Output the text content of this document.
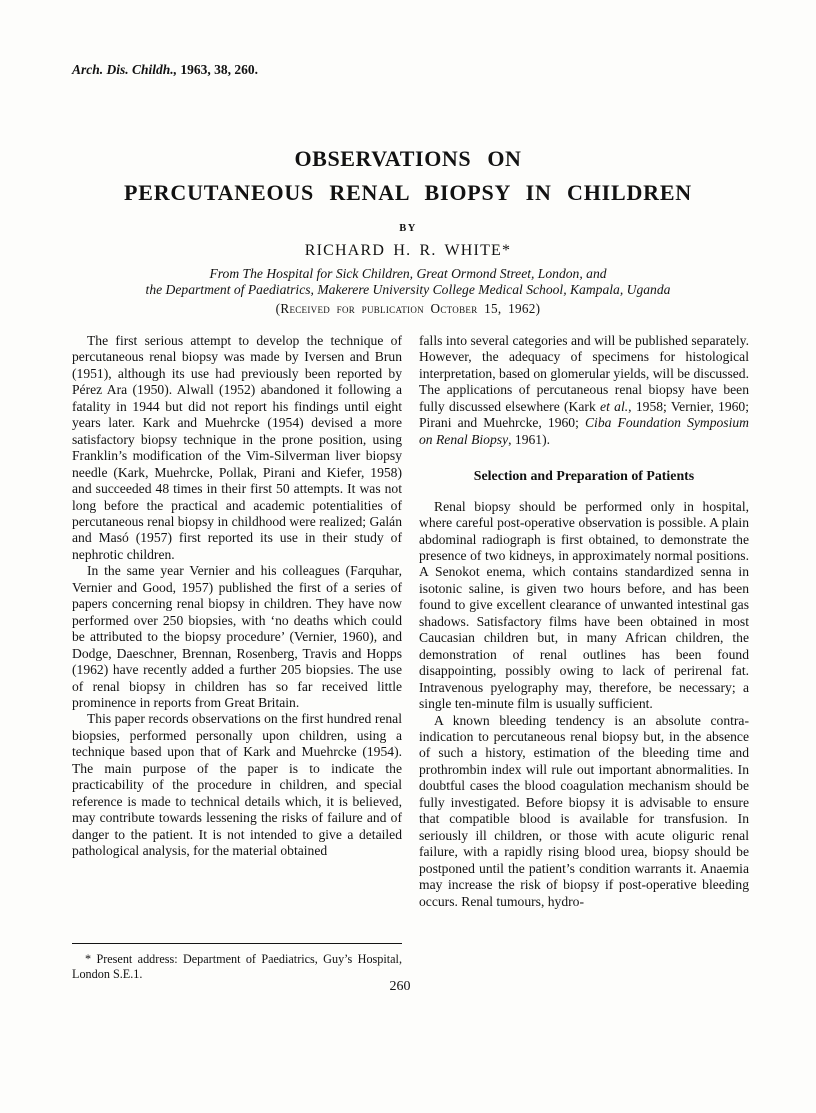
Arch. Dis. Childh., 1963, 38, 260.
OBSERVATIONS ON
PERCUTANEOUS RENAL BIOPSY IN CHILDREN
BY
RICHARD H. R. WHITE*
From The Hospital for Sick Children, Great Ormond Street, London, and
the Department of Paediatrics, Makerere University College Medical School, Kampala, Uganda
(Received for publication October 15, 1962)

The first serious attempt to develop the technique of percutaneous renal biopsy was made by Iversen and Brun (1951), although its use had previously been reported by Pérez Ara (1950). Alwall (1952) abandoned it following a fatality in 1944 but did not report his findings until eight years later. Kark and Muehrcke (1954) devised a more satisfactory biopsy technique in the prone position, using Franklin’s modification of the Vim-Silverman liver biopsy needle (Kark, Muehrcke, Pollak, Pirani and Kiefer, 1958) and succeeded 48 times in their first 50 attempts. It was not long before the practical and academic potentialities of percutaneous renal biopsy in childhood were realized; Galán and Masó (1957) first reported its use in their study of nephrotic children.

In the same year Vernier and his colleagues (Farquhar, Vernier and Good, 1957) published the first of a series of papers concerning renal biopsy in children. They have now performed over 250 biopsies, with ‘no deaths which could be attributed to the biopsy procedure’ (Vernier, 1960), and Dodge, Daeschner, Brennan, Rosenberg, Travis and Hopps (1962) have recently added a further 205 biopsies. The use of renal biopsy in children has so far received little prominence in reports from Great Britain.

This paper records observations on the first hundred renal biopsies, performed personally upon children, using a technique based upon that of Kark and Muehrcke (1954). The main purpose of the paper is to indicate the practicability of the procedure in children, and special reference is made to technical details which, it is believed, may contribute towards lessening the risks of failure and of danger to the patient. It is not intended to give a detailed pathological analysis, for the material obtained

* Present address: Department of Paediatrics, Guy’s Hospital, London S.E.1.

falls into several categories and will be published separately. However, the adequacy of specimens for histological interpretation, based on glomerular yields, will be discussed. The applications of percutaneous renal biopsy have been fully discussed elsewhere (Kark et al., 1958; Vernier, 1960; Pirani and Muehrcke, 1960; Ciba Foundation Symposium on Renal Biopsy, 1961).

Selection and Preparation of Patients

Renal biopsy should be performed only in hospital, where careful post-operative observation is possible. A plain abdominal radiograph is first obtained, to demonstrate the presence of two kidneys, in approximately normal positions. A Senokot enema, which contains standardized senna in isotonic saline, is given two hours before, and has been found to give excellent clearance of unwanted intestinal gas shadows. Satisfactory films have been obtained in most Caucasian children but, in many African children, the demonstration of renal outlines has been found disappointing, possibly owing to lack of perirenal fat. Intravenous pyelography may, therefore, be necessary; a single ten-minute film is usually sufficient.

A known bleeding tendency is an absolute contra-indication to percutaneous renal biopsy but, in the absence of such a history, estimation of the bleeding time and prothrombin index will rule out important abnormalities. In doubtful cases the blood coagulation mechanism should be fully investigated. Before biopsy it is advisable to ensure that compatible blood is available for transfusion. In seriously ill children, or those with acute oliguric renal failure, with a rapidly rising blood urea, biopsy should be postponed until the patient’s condition warrants it. Anaemia may increase the risk of biopsy if post-operative bleeding occurs. Renal tumours, hydro-

260
